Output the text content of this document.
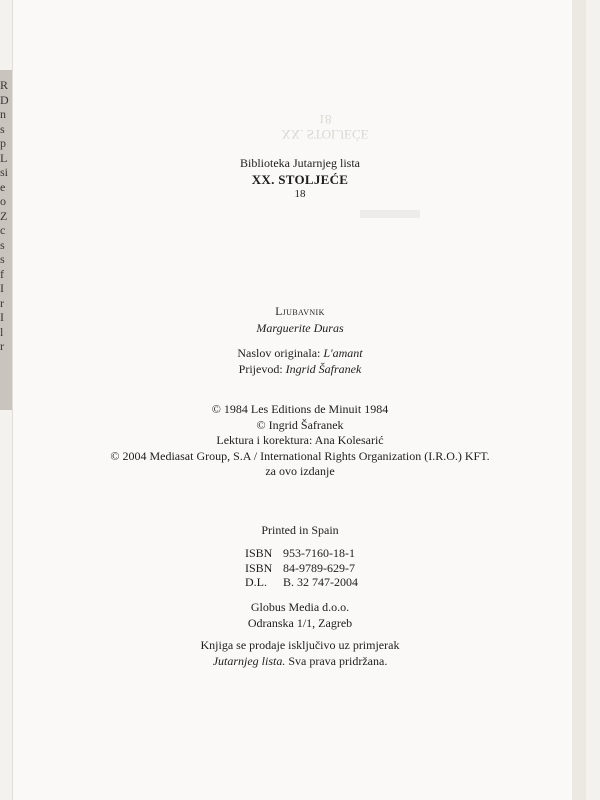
R
D
n
s
p
L
si
e
o
Z
c
s
s
f
I
r
I
l
r
XX. STOLJEĆE
18
Biblioteka Jutarnjeg lista
XX. STOLJEĆE
18
Ljubavnik
Marguerite Duras
Naslov originala: L'amant
Prijevod: Ingrid Šafranek
© 1984 Les Editions de Minuit 1984
© Ingrid Šafranek
Lektura i korektura: Ana Kolesarić
© 2004 Mediasat Group, S.A / International Rights Organization (I.R.O.) KFT.
za ovo izdanje
Printed in Spain
ISBN	953-7160-18-1
ISBN	84-9789-629-7
D.L.	B. 32 747-2004
Globus Media d.o.o.
Odranska 1/1, Zagreb
Knjiga se prodaje isključivo uz primjerak
Jutarnjeg lista. Sva prava pridržana.
